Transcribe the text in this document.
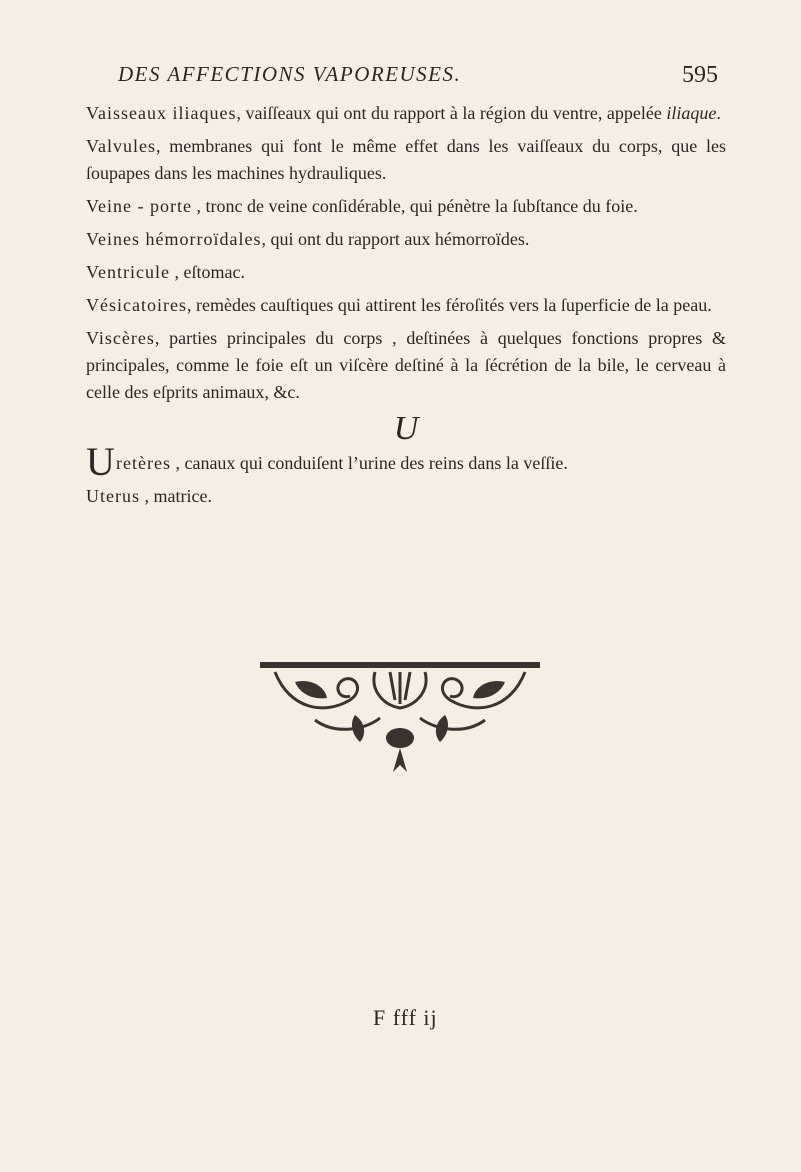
DES AFFECTIONS VAPOREUSES.	595

Vaisseaux iliaques, vaiſſeaux qui ont du rapport à la région du ventre, appelée iliaque.

Valvules, membranes qui font le même effet dans les vaiſſeaux du corps, que les ſoupapes dans les machines hydrauliques.

Veine - porte , tronc de veine conſidérable, qui pénètre la ſubſtance du foie.

Veines hémorroïdales, qui ont du rapport aux hémorroïdes.

Ventricule , eſtomac.

Vésicatoires, remèdes cauſtiques qui attirent les féroſités vers la ſuperficie de la peau.

Viscères, parties principales du corps , deſtinées à quelques fonctions propres & principales, comme le foie eſt un viſcère deſtiné à la ſécrétion de la bile, le cerveau à celle des eſprits animaux, &c.

U

U retères , canaux qui conduiſent l’urine des reins dans la veſſie.

Uterus , matrice.

F fff ij
